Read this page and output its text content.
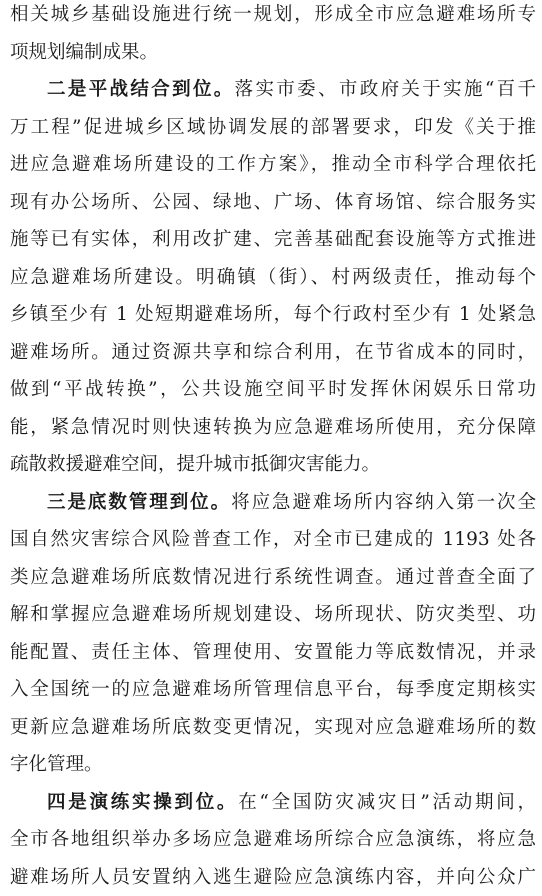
相关城乡基础设施进行统一规划，形成全市应急避难场所专
项规划编制成果。
二是平战结合到位。落实市委、市政府关于实施“百千
万工程”促进城乡区域协调发展的部署要求，印发《关于推
进应急避难场所建设的工作方案》，推动全市科学合理依托
现有办公场所、公园、绿地、广场、体育场馆、综合服务实
施等已有实体，利用改扩建、完善基础配套设施等方式推进
应急避难场所建设。明确镇（街）、村两级责任，推动每个
乡镇至少有 1 处短期避难场所，每个行政村至少有 1 处紧急
避难场所。通过资源共享和综合利用，在节省成本的同时，
做到“平战转换”，公共设施空间平时发挥休闲娱乐日常功
能，紧急情况时则快速转换为应急避难场所使用，充分保障
疏散救援避难空间，提升城市抵御灾害能力。
三是底数管理到位。将应急避难场所内容纳入第一次全
国自然灾害综合风险普查工作，对全市已建成的 1193 处各
类应急避难场所底数情况进行系统性调查。通过普查全面了
解和掌握应急避难场所规划建设、场所现状、防灾类型、功
能配置、责任主体、管理使用、安置能力等底数情况，并录
入全国统一的应急避难场所管理信息平台，每季度定期核实
更新应急避难场所底数变更情况，实现对应急避难场所的数
字化管理。
四是演练实操到位。在“全国防灾减灾日”活动期间，
全市各地组织举办多场应急避难场所综合应急演练，将应急
避难场所人员安置纳入逃生避险应急演练内容，并向公众广
